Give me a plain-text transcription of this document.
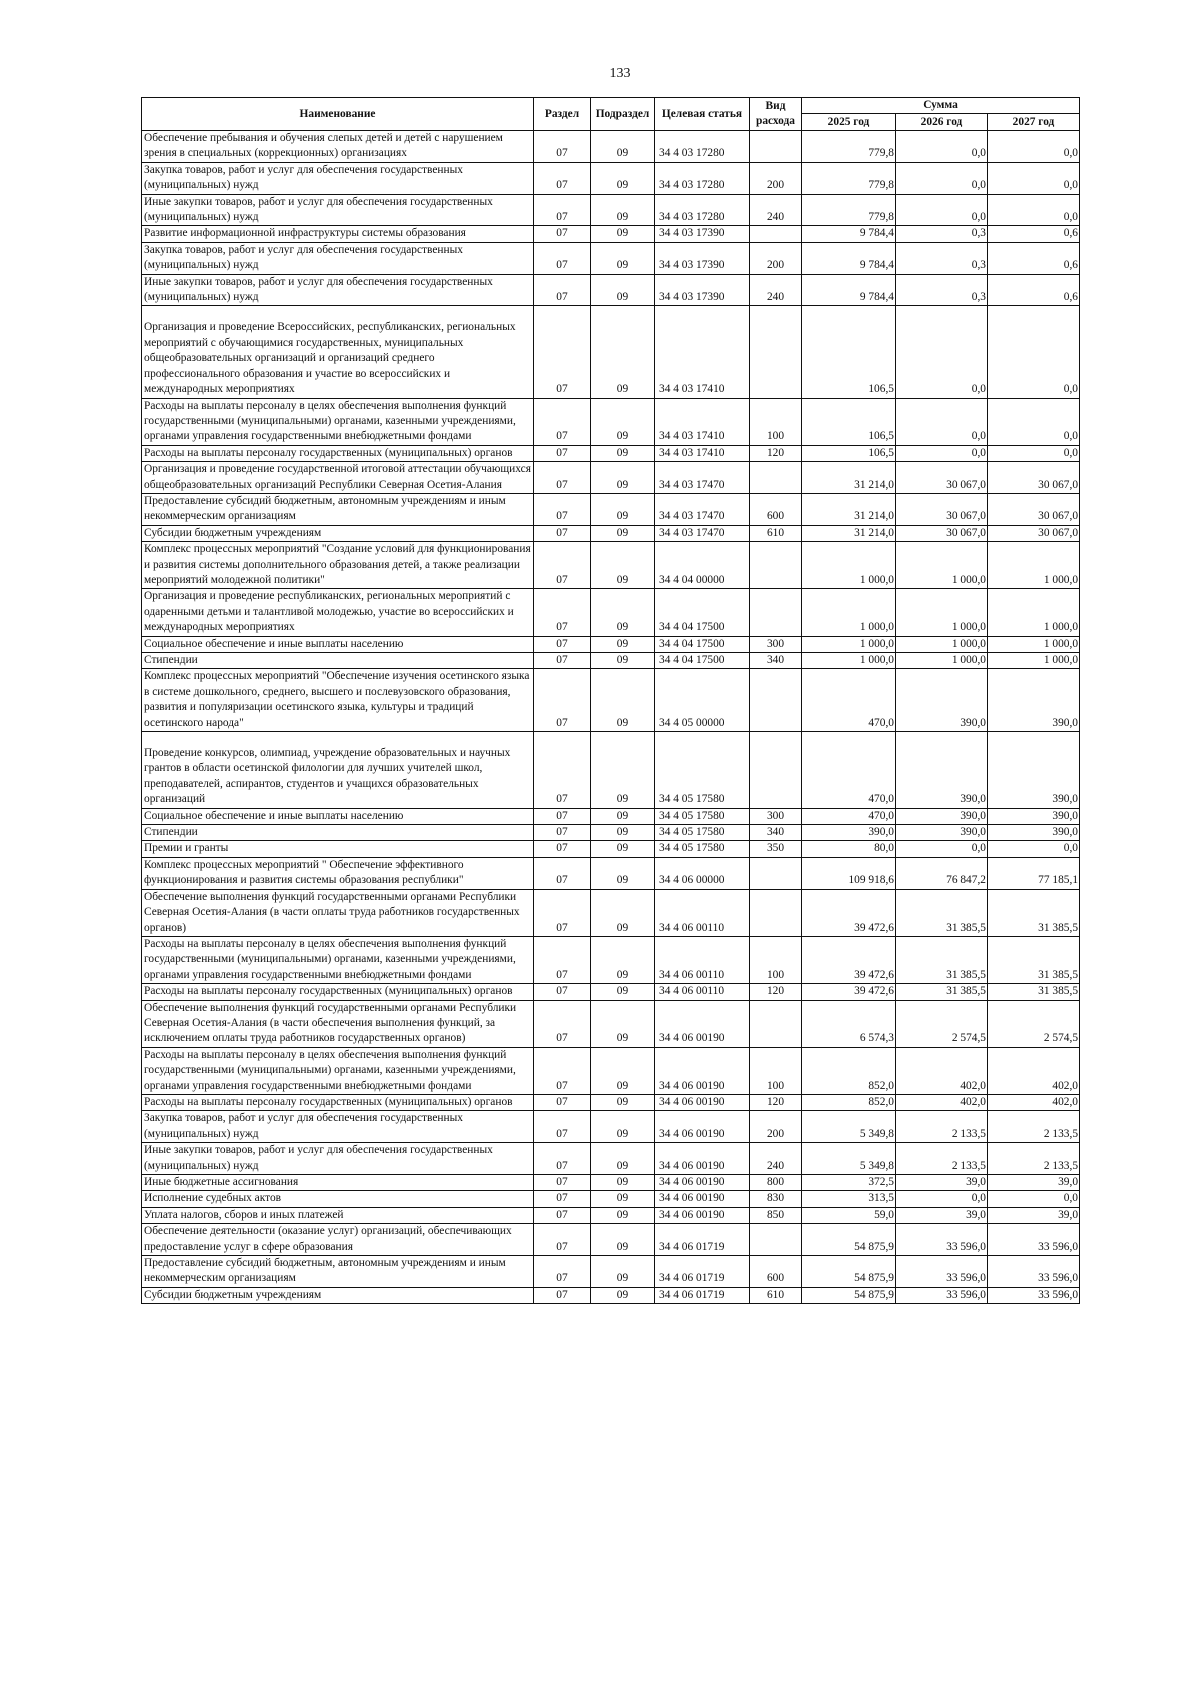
133
Наименование	Раздел	Подраздел	Целевая статья	Вид расхода	Сумма		
					2025 год	2026 год	2027 год
Обеспечение пребывания и обучения слепых детей и детей с нарушением зрения в специальных (коррекционных) организациях	07	09	34 4 03 17280		779,8	0,0	0,0
Закупка товаров, работ и услуг для обеспечения государственных (муниципальных) нужд	07	09	34 4 03 17280	200	779,8	0,0	0,0
Иные закупки товаров, работ и услуг для обеспечения государственных (муниципальных) нужд	07	09	34 4 03 17280	240	779,8	0,0	0,0
Развитие информационной инфраструктуры системы образования	07	09	34 4 03 17390		9 784,4	0,3	0,6
Закупка товаров, работ и услуг для обеспечения государственных (муниципальных) нужд	07	09	34 4 03 17390	200	9 784,4	0,3	0,6
Иные закупки товаров, работ и услуг для обеспечения государственных (муниципальных) нужд	07	09	34 4 03 17390	240	9 784,4	0,3	0,6
Организация и проведение Всероссийских, республиканских, региональных мероприятий с обучающимися государственных, муниципальных общеобразовательных организаций и организаций среднего профессионального образования и участие во всероссийских и международных мероприятиях	07	09	34 4 03 17410		106,5	0,0	0,0
Расходы на выплаты персоналу в целях обеспечения выполнения функций государственными (муниципальными) органами, казенными учреждениями, органами управления государственными внебюджетными фондами	07	09	34 4 03 17410	100	106,5	0,0	0,0
Расходы на выплаты персоналу государственных (муниципальных) органов	07	09	34 4 03 17410	120	106,5	0,0	0,0
Организация и проведение государственной итоговой аттестации обучающихся общеобразовательных организаций Республики Северная Осетия-Алания	07	09	34 4 03 17470		31 214,0	30 067,0	30 067,0
Предоставление субсидий бюджетным, автономным учреждениям и иным некоммерческим организациям	07	09	34 4 03 17470	600	31 214,0	30 067,0	30 067,0
Субсидии бюджетным учреждениям	07	09	34 4 03 17470	610	31 214,0	30 067,0	30 067,0
Комплекс процессных мероприятий "Создание условий для функционирования и развития системы дополнительного образования детей, а также реализации мероприятий молодежной политики"	07	09	34 4 04 00000		1 000,0	1 000,0	1 000,0
Организация и проведение республиканских, региональных мероприятий с одаренными детьми и талантливой молодежью, участие во всероссийских и международных мероприятиях	07	09	34 4 04 17500		1 000,0	1 000,0	1 000,0
Социальное обеспечение и иные выплаты населению	07	09	34 4 04 17500	300	1 000,0	1 000,0	1 000,0
Стипендии	07	09	34 4 04 17500	340	1 000,0	1 000,0	1 000,0
Комплекс процессных мероприятий "Обеспечение изучения осетинского языка в системе дошкольного, среднего, высшего и послевузовского образования, развития и популяризации осетинского языка, культуры и традиций осетинского народа"	07	09	34 4 05 00000		470,0	390,0	390,0
Проведение конкурсов, олимпиад, учреждение образовательных и научных грантов в области осетинской филологии для лучших учителей школ, преподавателей, аспирантов, студентов и учащихся образовательных организаций	07	09	34 4 05 17580		470,0	390,0	390,0
Социальное обеспечение и иные выплаты населению	07	09	34 4 05 17580	300	470,0	390,0	390,0
Стипендии	07	09	34 4 05 17580	340	390,0	390,0	390,0
Премии и гранты	07	09	34 4 05 17580	350	80,0	0,0	0,0
Комплекс процессных мероприятий " Обеспечение эффективного функционирования и развития системы образования республики"	07	09	34 4 06 00000		109 918,6	76 847,2	77 185,1
Обеспечение выполнения функций государственными органами Республики Северная Осетия-Алания (в части оплаты труда работников государственных органов)	07	09	34 4 06 00110		39 472,6	31 385,5	31 385,5
Расходы на выплаты персоналу в целях обеспечения выполнения функций государственными (муниципальными) органами, казенными учреждениями, органами управления государственными внебюджетными фондами	07	09	34 4 06 00110	100	39 472,6	31 385,5	31 385,5
Расходы на выплаты персоналу государственных (муниципальных) органов	07	09	34 4 06 00110	120	39 472,6	31 385,5	31 385,5
Обеспечение выполнения функций государственными органами Республики Северная Осетия-Алания (в части обеспечения выполнения функций, за исключением оплаты труда работников государственных органов)	07	09	34 4 06 00190		6 574,3	2 574,5	2 574,5
Расходы на выплаты персоналу в целях обеспечения выполнения функций государственными (муниципальными) органами, казенными учреждениями, органами управления государственными внебюджетными фондами	07	09	34 4 06 00190	100	852,0	402,0	402,0
Расходы на выплаты персоналу государственных (муниципальных) органов	07	09	34 4 06 00190	120	852,0	402,0	402,0
Закупка товаров, работ и услуг для обеспечения государственных (муниципальных) нужд	07	09	34 4 06 00190	200	5 349,8	2 133,5	2 133,5
Иные закупки товаров, работ и услуг для обеспечения государственных (муниципальных) нужд	07	09	34 4 06 00190	240	5 349,8	2 133,5	2 133,5
Иные бюджетные ассигнования	07	09	34 4 06 00190	800	372,5	39,0	39,0
Исполнение судебных актов	07	09	34 4 06 00190	830	313,5	0,0	0,0
Уплата налогов, сборов и иных платежей	07	09	34 4 06 00190	850	59,0	39,0	39,0
Обеспечение деятельности (оказание услуг) организаций, обеспечивающих предоставление услуг в сфере образования	07	09	34 4 06 01719		54 875,9	33 596,0	33 596,0
Предоставление субсидий бюджетным, автономным учреждениям и иным некоммерческим организациям	07	09	34 4 06 01719	600	54 875,9	33 596,0	33 596,0
Субсидии бюджетным учреждениям	07	09	34 4 06 01719	610	54 875,9	33 596,0	33 596,0
